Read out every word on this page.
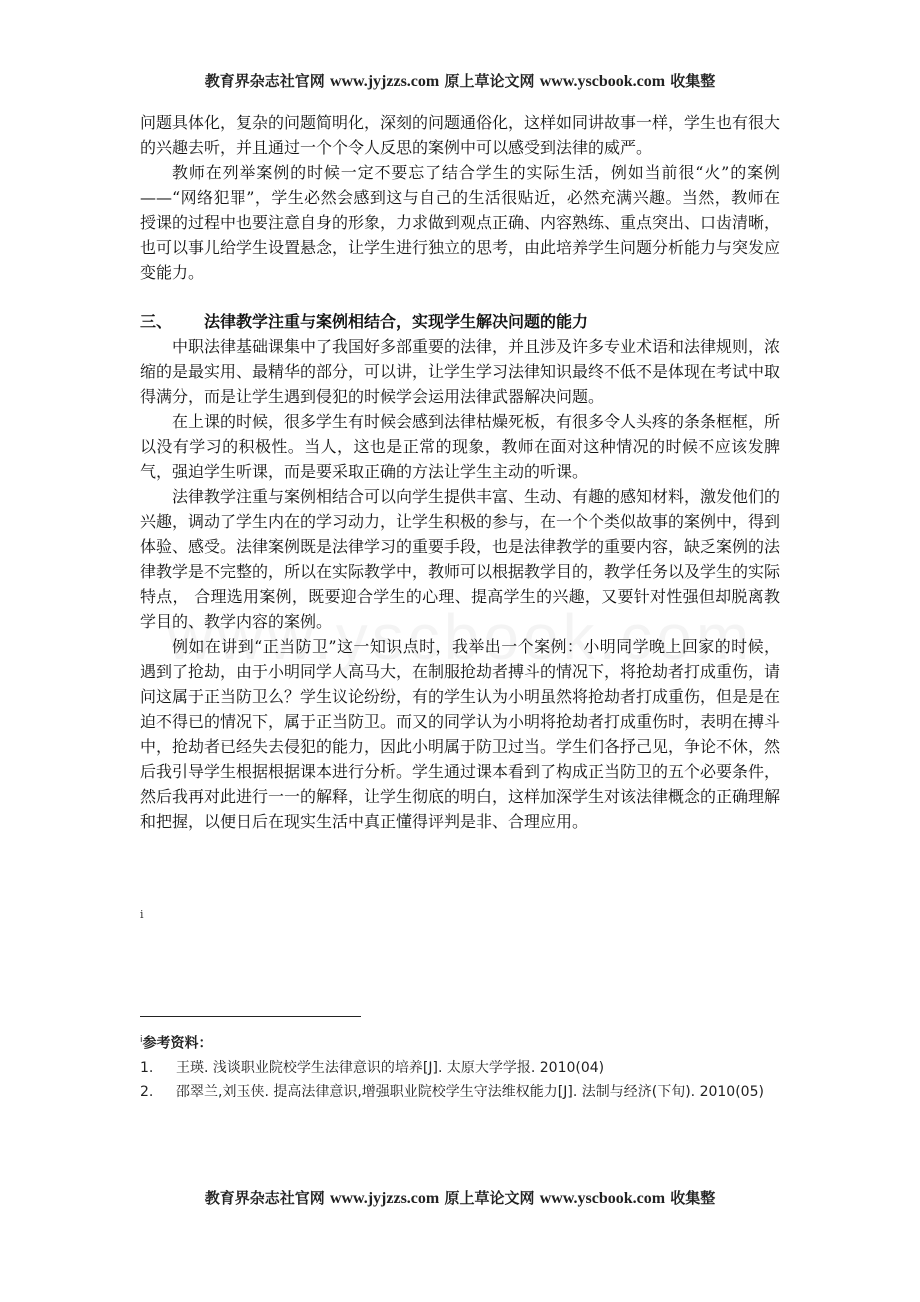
教育界杂志社官网 www.jyjzzs.com 原上草论文网 www.yscbook.com 收集整

问题具体化，复杂的问题简明化，深刻的问题通俗化，这样如同讲故事一样，学生也有很大的兴趣去听，并且通过一个个令人反思的案例中可以感受到法律的威严。

教师在列举案例的时候一定不要忘了结合学生的实际生活，例如当前很“火”的案例——“网络犯罪”，学生必然会感到这与自己的生活很贴近，必然充满兴趣。当然，教师在授课的过程中也要注意自身的形象，力求做到观点正确、内容熟练、重点突出、口齿清晰，也可以事儿给学生设置悬念，让学生进行独立的思考，由此培养学生问题分析能力与突发应变能力。

三、 法律教学注重与案例相结合，实现学生解决问题的能力

中职法律基础课集中了我国好多部重要的法律，并且涉及许多专业术语和法律规则，浓缩的是最实用、最精华的部分，可以讲，让学生学习法律知识最终不低不是体现在考试中取得满分，而是让学生遇到侵犯的时候学会运用法律武器解决问题。

在上课的时候，很多学生有时候会感到法律枯燥死板，有很多令人头疼的条条框框，所以没有学习的积极性。当人，这也是正常的现象，教师在面对这种情况的时候不应该发脾气，强迫学生听课，而是要采取正确的方法让学生主动的听课。

法律教学注重与案例相结合可以向学生提供丰富、生动、有趣的感知材料，激发他们的兴趣，调动了学生内在的学习动力，让学生积极的参与，在一个个类似故事的案例中，得到体验、感受。法律案例既是法律学习的重要手段，也是法律教学的重要内容，缺乏案例的法律教学是不完整的，所以在实际教学中，教师可以根据教学目的，教学任务以及学生的实际特点， 合理选用案例，既要迎合学生的心理、提高学生的兴趣，又要针对性强但却脱离教学目的、教学内容的案例。

例如在讲到“正当防卫”这一知识点时，我举出一个案例：小明同学晚上回家的时候，遇到了抢劫，由于小明同学人高马大，在制服抢劫者搏斗的情况下，将抢劫者打成重伤，请问这属于正当防卫么？学生议论纷纷，有的学生认为小明虽然将抢劫者打成重伤，但是是在迫不得已的情况下，属于正当防卫。而又的同学认为小明将抢劫者打成重伤时，表明在搏斗中，抢劫者已经失去侵犯的能力，因此小明属于防卫过当。学生们各抒己见，争论不休，然后我引导学生根据根据课本进行分析。学生通过课本看到了构成正当防卫的五个必要条件，然后我再对此进行一一的解释，让学生彻底的明白，这样加深学生对该法律概念的正确理解和把握，以便日后在现实生活中真正懂得评判是非、合理应用。

i
$^i$参考资料：
1. 王瑛. 浅谈职业院校学生法律意识的培养[J]. 太原大学学报. 2010(04)
2. 邵翠兰,刘玉侠. 提高法律意识,增强职业院校学生守法维权能力[J]. 法制与经济(下旬). 2010(05)
教育界杂志社官网 www.jyjzzs.com 原上草论文网 www.yscbook.com 收集整
